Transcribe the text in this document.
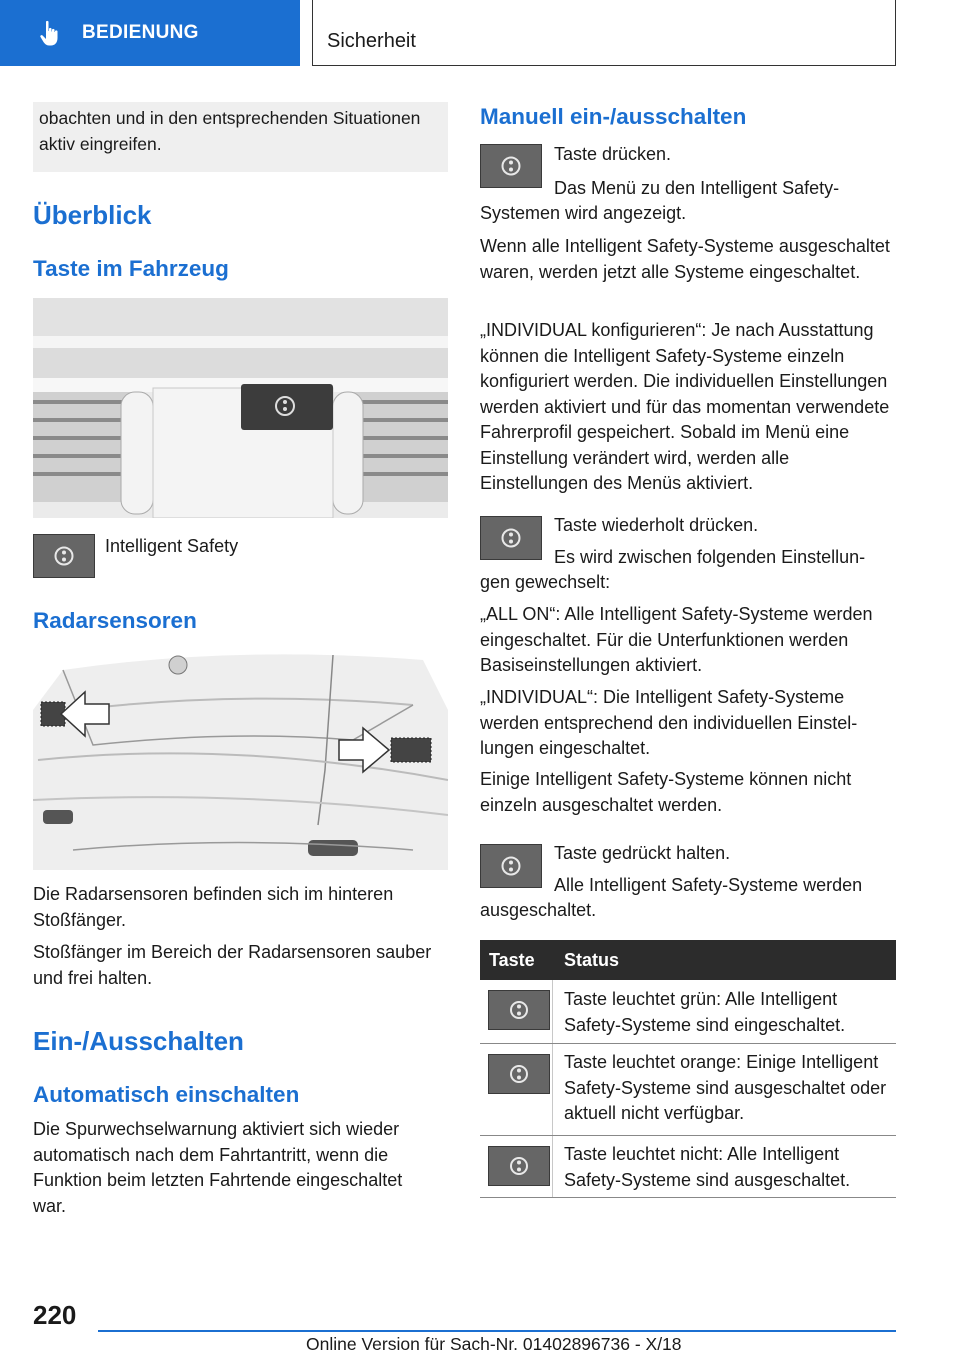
BEDIENUNG	Sicherheit
obachten und in den entsprechenden Situationen aktiv eingreifen.
Überblick
Taste im Fahrzeug
Intelligent Safety
Radarsensoren

Die Radarsensoren befinden sich im hinteren Stoßfänger.

Stoßfänger im Bereich der Radarsensoren sauber und frei halten.

Ein-/Ausschalten
Automatisch einschalten

Die Spurwechselwarnung aktiviert sich wieder automatisch nach dem Fahrtantritt, wenn die Funktion beim letzten Fahrtende eingeschaltet war.

Manuell ein-/ausschalten

Taste drücken.

Das Menü zu den Intelligent Safety-

Systemen wird angezeigt.

Wenn alle Intelligent Safety-Systeme ausgeschaltet waren, werden jetzt alle Systeme eingeschaltet.

„INDIVIDUAL konfigurieren“: Je nach Ausstattung können die Intelligent Safety-Systeme einzeln konfiguriert werden. Die individuellen Einstellungen werden aktiviert und für das momentan verwendete Fahrerprofil gespeichert. Sobald im Menü eine Einstellung verändert wird, werden alle Einstellungen des Menüs aktiviert.

Taste wiederholt drücken.

Es wird zwischen folgenden Einstellun-

gen gewechselt:

„ALL ON“: Alle Intelligent Safety-Systeme werden eingeschaltet. Für die Unterfunktionen werden Basiseinstellungen aktiviert.

„INDIVIDUAL“: Die Intelligent Safety-Systeme werden entsprechend den individuellen Einstellungen eingeschaltet.

Einige Intelligent Safety-Systeme können nicht einzeln ausgeschaltet werden.

Taste gedrückt halten.

Alle Intelligent Safety-Systeme werden

ausgeschaltet.

Taste Status

Taste leuchtet grün: Alle Intelligent Safety-Systeme sind eingeschaltet.

Taste leuchtet orange: Einige Intelligent Safety-Systeme sind ausgeschaltet oder aktuell nicht verfügbar.

Taste leuchtet nicht: Alle Intelligent Safety-Systeme sind ausgeschaltet.

220
Online Version für Sach-Nr. 01402896736 - X/18
